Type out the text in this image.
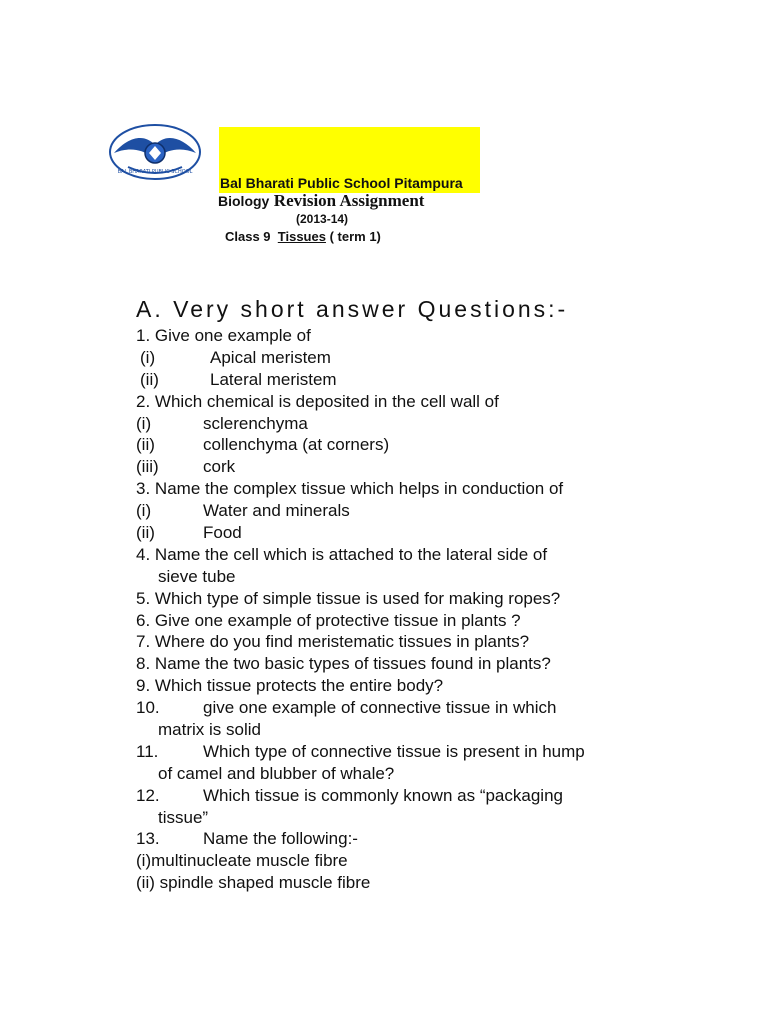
BAL BHARATI PUBLIC SCHOOL
Bal Bharati Public School Pitampura
Biology Revision Assignment
(2013-14)
Class 9 Tissues ( term 1)
A. Very short answer Questions:-
1. Give one example of
(i)	Apical meristem
(ii)	Lateral meristem
2. Which chemical is deposited in the cell wall of
(i)	sclerenchyma
(ii)	collenchyma (at corners)
(iii)	cork
3. Name the complex tissue which helps in conduction of
(i)	Water and minerals
(ii)	Food
4. Name the cell which is attached to the lateral side of
sieve tube
5. Which type of simple tissue is used for making ropes?
6. Give one example of protective tissue in plants ?
7. Where do you find meristematic tissues in plants?
8. Name the two basic types of tissues found in plants?
9. Which tissue protects the entire body?
10.	give one example of connective tissue in which
matrix is solid
11.	Which type of connective tissue is present in hump
of camel and blubber of whale?
12.	Which tissue is commonly known as “packaging
tissue”
13.	Name the following:-
(i)multinucleate muscle fibre
(ii) spindle shaped muscle fibre
